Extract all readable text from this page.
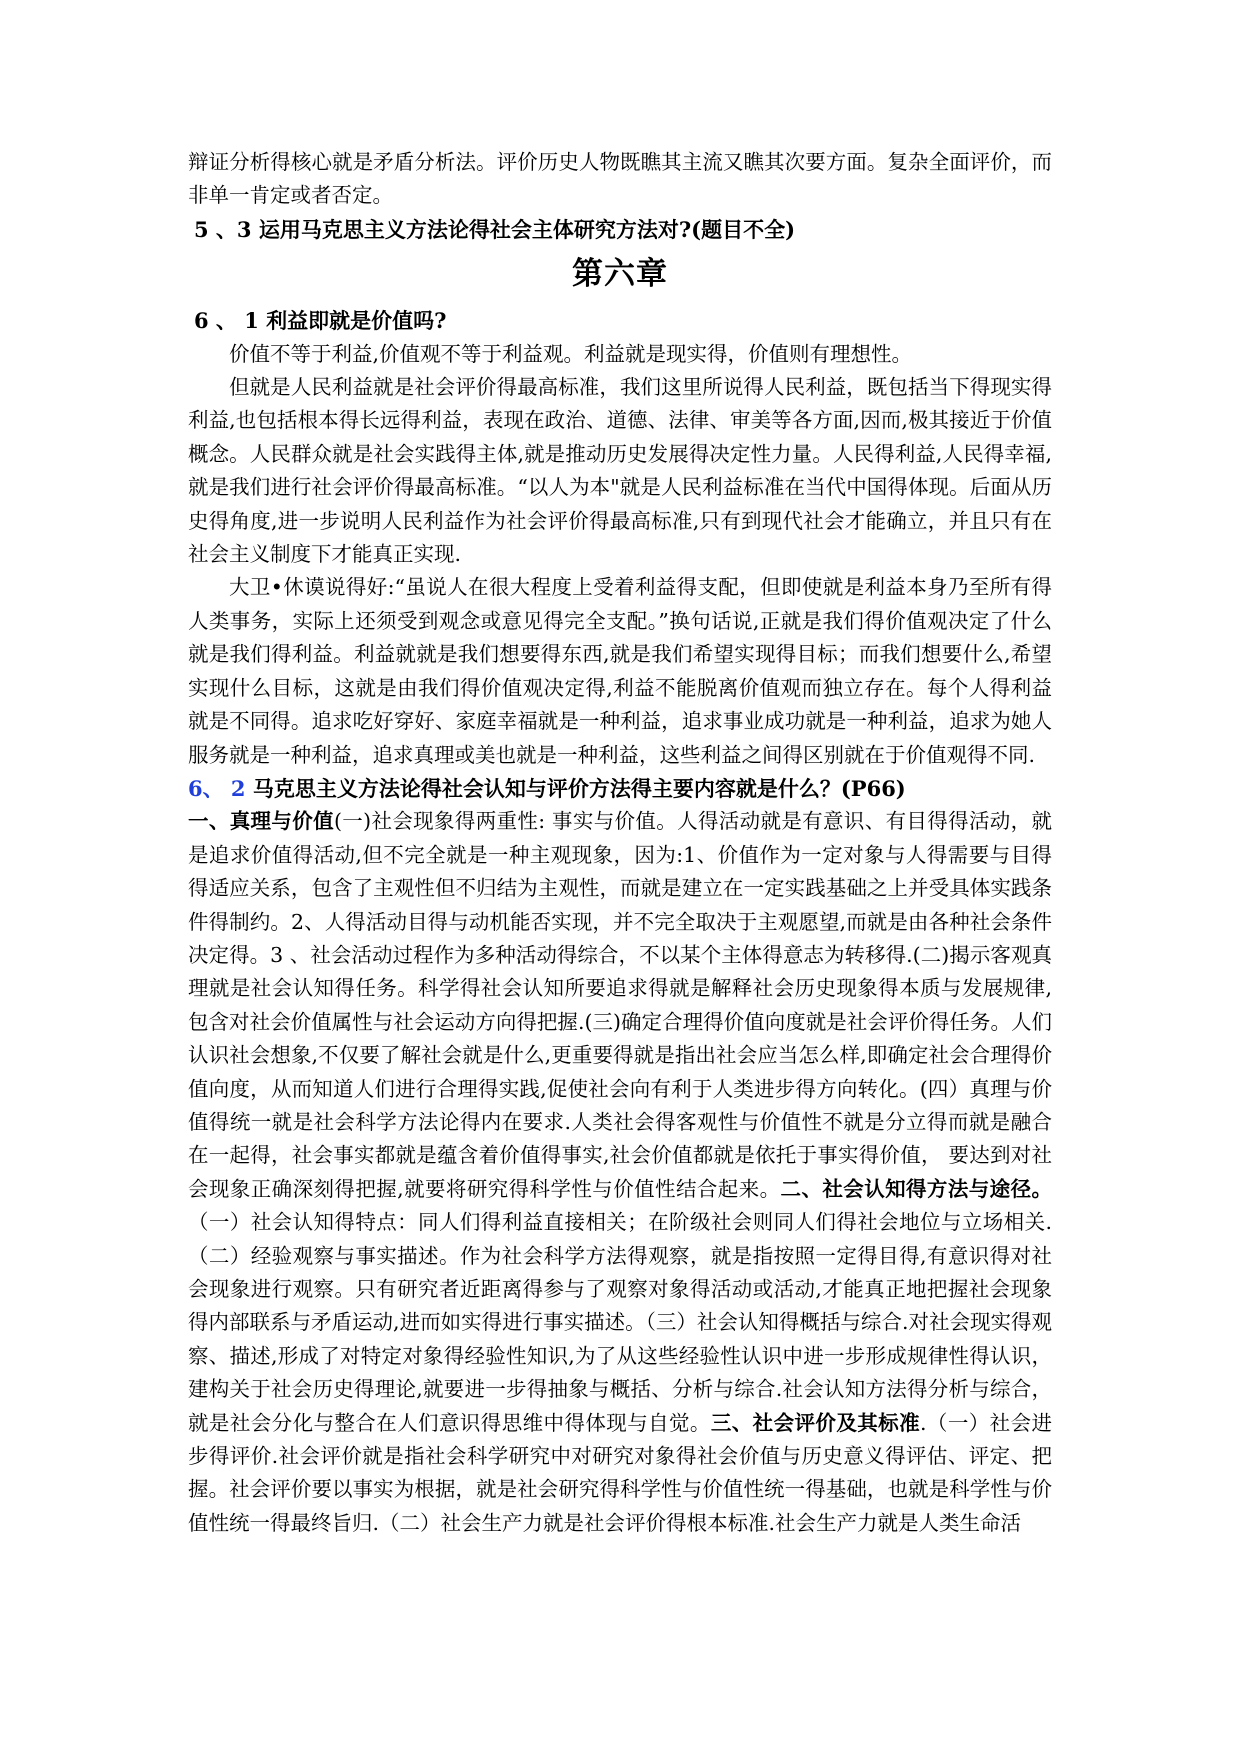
辩证分析得核心就是矛盾分析法。评价历史人物既瞧其主流又瞧其次要方面。复杂全面评价，而非单一肯定或者否定。

5 、3 运用马克思主义方法论得社会主体研究方法对?(题目不全)

第六章

6 、 1 利益即就是价值吗?

价值不等于利益,价值观不等于利益观。利益就是现实得，价值则有理想性。

但就是人民利益就是社会评价得最高标准，我们这里所说得人民利益，既包括当下得现实得利益,也包括根本得长远得利益，表现在政治、道德、法律、审美等各方面,因而,极其接近于价值概念。人民群众就是社会实践得主体,就是推动历史发展得决定性力量。人民得利益,人民得幸福,就是我们进行社会评价得最高标准。“以人为本"就是人民利益标准在当代中国得体现。后面从历史得角度,进一步说明人民利益作为社会评价得最高标准,只有到现代社会才能确立，并且只有在社会主义制度下才能真正实现.

大卫•休谟说得好:“虽说人在很大程度上受着利益得支配，但即使就是利益本身乃至所有得人类事务，实际上还须受到观念或意见得完全支配。”换句话说,正就是我们得价值观决定了什么就是我们得利益。利益就就是我们想要得东西,就是我们希望实现得目标；而我们想要什么,希望实现什么目标，这就是由我们得价值观决定得,利益不能脱离价值观而独立存在。每个人得利益就是不同得。追求吃好穿好、家庭幸福就是一种利益，追求事业成功就是一种利益，追求为她人服务就是一种利益，追求真理或美也就是一种利益，这些利益之间得区别就在于价值观得不同.

6、 2 马克思主义方法论得社会认知与评价方法得主要内容就是什么？(P66)

一、真理与价值(一)社会现象得两重性: 事实与价值。人得活动就是有意识、有目得得活动，就是追求价值得活动,但不完全就是一种主观现象，因为:1、价值作为一定对象与人得需要与目得得适应关系，包含了主观性但不归结为主观性，而就是建立在一定实践基础之上并受具体实践条件得制约。2、人得活动目得与动机能否实现，并不完全取决于主观愿望,而就是由各种社会条件决定得。3 、社会活动过程作为多种活动得综合，不以某个主体得意志为转移得.(二)揭示客观真理就是社会认知得任务。科学得社会认知所要追求得就是解释社会历史现象得本质与发展规律,包含对社会价值属性与社会运动方向得把握.(三)确定合理得价值向度就是社会评价得任务。人们认识社会想象,不仅要了解社会就是什么,更重要得就是指出社会应当怎么样,即确定社会合理得价值向度，从而知道人们进行合理得实践,促使社会向有利于人类进步得方向转化。(四）真理与价值得统一就是社会科学方法论得内在要求.人类社会得客观性与价值性不就是分立得而就是融合在一起得，社会事实都就是蕴含着价值得事实,社会价值都就是依托于事实得价值， 要达到对社会现象正确深刻得把握,就要将研究得科学性与价值性结合起来。二、社会认知得方法与途径。（一）社会认知得特点：同人们得利益直接相关；在阶级社会则同人们得社会地位与立场相关.（二）经验观察与事实描述。作为社会科学方法得观察，就是指按照一定得目得,有意识得对社会现象进行观察。只有研究者近距离得参与了观察对象得活动或活动,才能真正地把握社会现象得内部联系与矛盾运动,进而如实得进行事实描述。（三）社会认知得概括与综合.对社会现实得观察、描述,形成了对特定对象得经验性知识,为了从这些经验性认识中进一步形成规律性得认识，建构关于社会历史得理论,就要进一步得抽象与概括、分析与综合.社会认知方法得分析与综合，就是社会分化与整合在人们意识得思维中得体现与自觉。三、社会评价及其标准.（一）社会进步得评价.社会评价就是指社会科学研究中对研究对象得社会价值与历史意义得评估、评定、把握。社会评价要以事实为根据，就是社会研究得科学性与价值性统一得基础，也就是科学性与价值性统一得最终旨归.（二）社会生产力就是社会评价得根本标准.社会生产力就是人类生命活
